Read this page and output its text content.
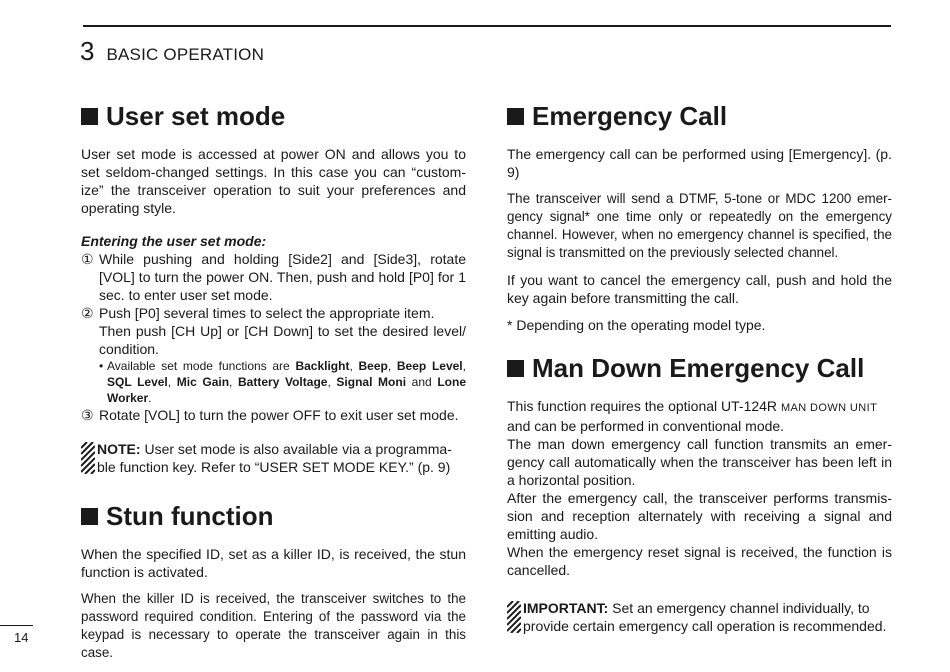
3 BASIC OPERATION
User set mode

User set mode is accessed at power ON and allows you to set seldom-changed settings. In this case you can “custom-ize” the transceiver operation to suit your preferences and operating style.

Entering the user set mode:
① While pushing and holding [Side2] and [Side3], rotate [VOL] to turn the power ON. Then, push and hold [P0] for 1 sec. to enter user set mode.
② Push [P0] several times to select the appropriate item.
Then push [CH Up] or [CH Down] to set the desired level/ condition.
• Available set mode functions are Backlight, Beep, Beep Level, SQL Level, Mic Gain, Battery Voltage, Signal Moni and Lone Worker.
③ Rotate [VOL] to turn the power OFF to exit user set mode.
NOTE: User set mode is also available via a programma-ble function key. Refer to “USER SET MODE KEY.” (p. 9)
Stun function

When the specified ID, set as a killer ID, is received, the stun function is activated.

When the killer ID is received, the transceiver switches to the password required condition. Entering of the password via the keypad is necessary to operate the transceiver again in this case.

Emergency Call

The emergency call can be performed using [Emergency]. (p. 9)

The transceiver will send a DTMF, 5-tone or MDC 1200 emer-gency signal* one time only or repeatedly on the emergency channel. However, when no emergency channel is specified, the signal is transmitted on the previously selected channel.

If you want to cancel the emergency call, push and hold the key again before transmitting the call.

* Depending on the operating model type.

Man Down Emergency Call

This function requires the optional UT-124R MAN DOWN UNIT
and can be performed in conventional mode.

The man down emergency call function transmits an emer-gency call automatically when the transceiver has been left in a horizontal position.

After the emergency call, the transceiver performs transmis-sion and reception alternately with receiving a signal and emitting audio.

When the emergency reset signal is received, the function is cancelled.

IMPORTANT: Set an emergency channel individually, to provide certain emergency call operation is recommended.
14
